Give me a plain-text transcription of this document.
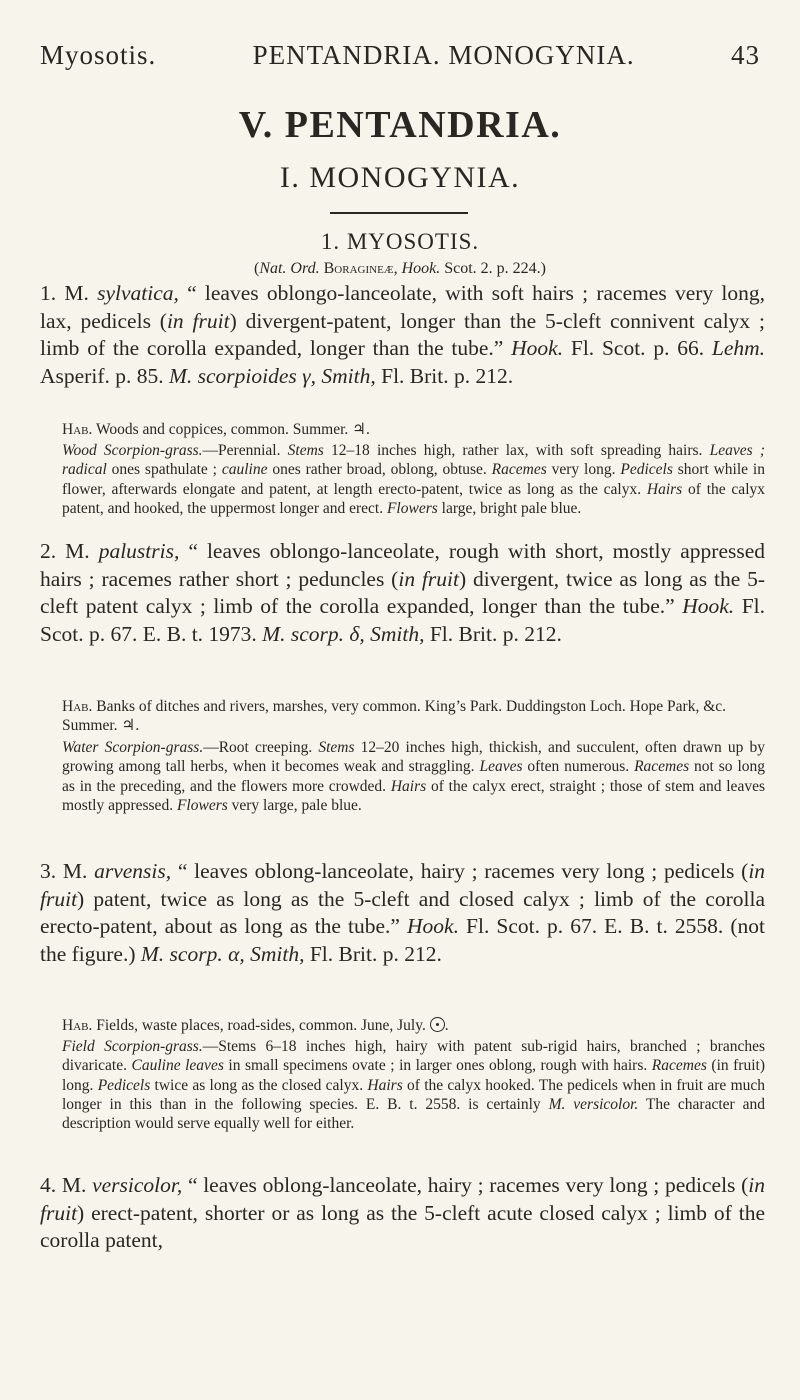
Myosotis.	PENTANDRIA. MONOGYNIA.	43
V. PENTANDRIA.
I. MONOGYNIA.
1. MYOSOTIS.
(Nat. Ord. Boragineæ, Hook. Scot. 2. p. 224.)
1. M. sylvatica, “ leaves oblongo-lanceolate, with soft hairs ; racemes very long, lax, pedicels (in fruit) divergent-patent, longer than the 5-cleft connivent calyx ; limb of the corolla expanded, longer than the tube.” Hook. Fl. Scot. p. 66. Lehm. Asperif. p. 85. M. scorpioides γ, Smith, Fl. Brit. p. 212.
Hab. Woods and coppices, common. Summer. ♃.
Wood Scorpion-grass.—Perennial. Stems 12–18 inches high, rather lax, with soft spreading hairs. Leaves ; radical ones spathulate ; cauline ones rather broad, oblong, obtuse. Racemes very long. Pedicels short while in flower, afterwards elongate and patent, at length erecto-patent, twice as long as the calyx. Hairs of the calyx patent, and hooked, the uppermost longer and erect. Flowers large, bright pale blue.
2. M. palustris, “ leaves oblongo-lanceolate, rough with short, mostly appressed hairs ; racemes rather short ; peduncles (in fruit) divergent, twice as long as the 5-cleft patent calyx ; limb of the corolla expanded, longer than the tube.” Hook. Fl. Scot. p. 67. E. B. t. 1973. M. scorp. δ, Smith, Fl. Brit. p. 212.
Hab. Banks of ditches and rivers, marshes, very common. King’s Park. Duddingston Loch. Hope Park, &c. Summer. ♃.
Water Scorpion-grass.—Root creeping. Stems 12–20 inches high, thickish, and succulent, often drawn up by growing among tall herbs, when it becomes weak and straggling. Leaves often numerous. Racemes not so long as in the preceding, and the flowers more crowded. Hairs of the calyx erect, straight ; those of stem and leaves mostly appressed. Flowers very large, pale blue.
3. M. arvensis, “ leaves oblong-lanceolate, hairy ; racemes very long ; pedicels (in fruit) patent, twice as long as the 5-cleft and closed calyx ; limb of the corolla erecto-patent, about as long as the tube.” Hook. Fl. Scot. p. 67. E. B. t. 2558. (not the figure.) M. scorp. α, Smith, Fl. Brit. p. 212.
Hab. Fields, waste places, road-sides, common. June, July. .
Field Scorpion-grass.—Stems 6–18 inches high, hairy with patent sub-rigid hairs, branched ; branches divaricate. Cauline leaves in small specimens ovate ; in larger ones oblong, rough with hairs. Racemes (in fruit) long. Pedicels twice as long as the closed calyx. Hairs of the calyx hooked. The pedicels when in fruit are much longer in this than in the following species. E. B. t. 2558. is certainly M. versicolor. The character and description would serve equally well for either.
4. M. versicolor, “ leaves oblong-lanceolate, hairy ; racemes very long ; pedicels (in fruit) erect-patent, shorter or as long as the 5-cleft acute closed calyx ; limb of the corolla patent,
